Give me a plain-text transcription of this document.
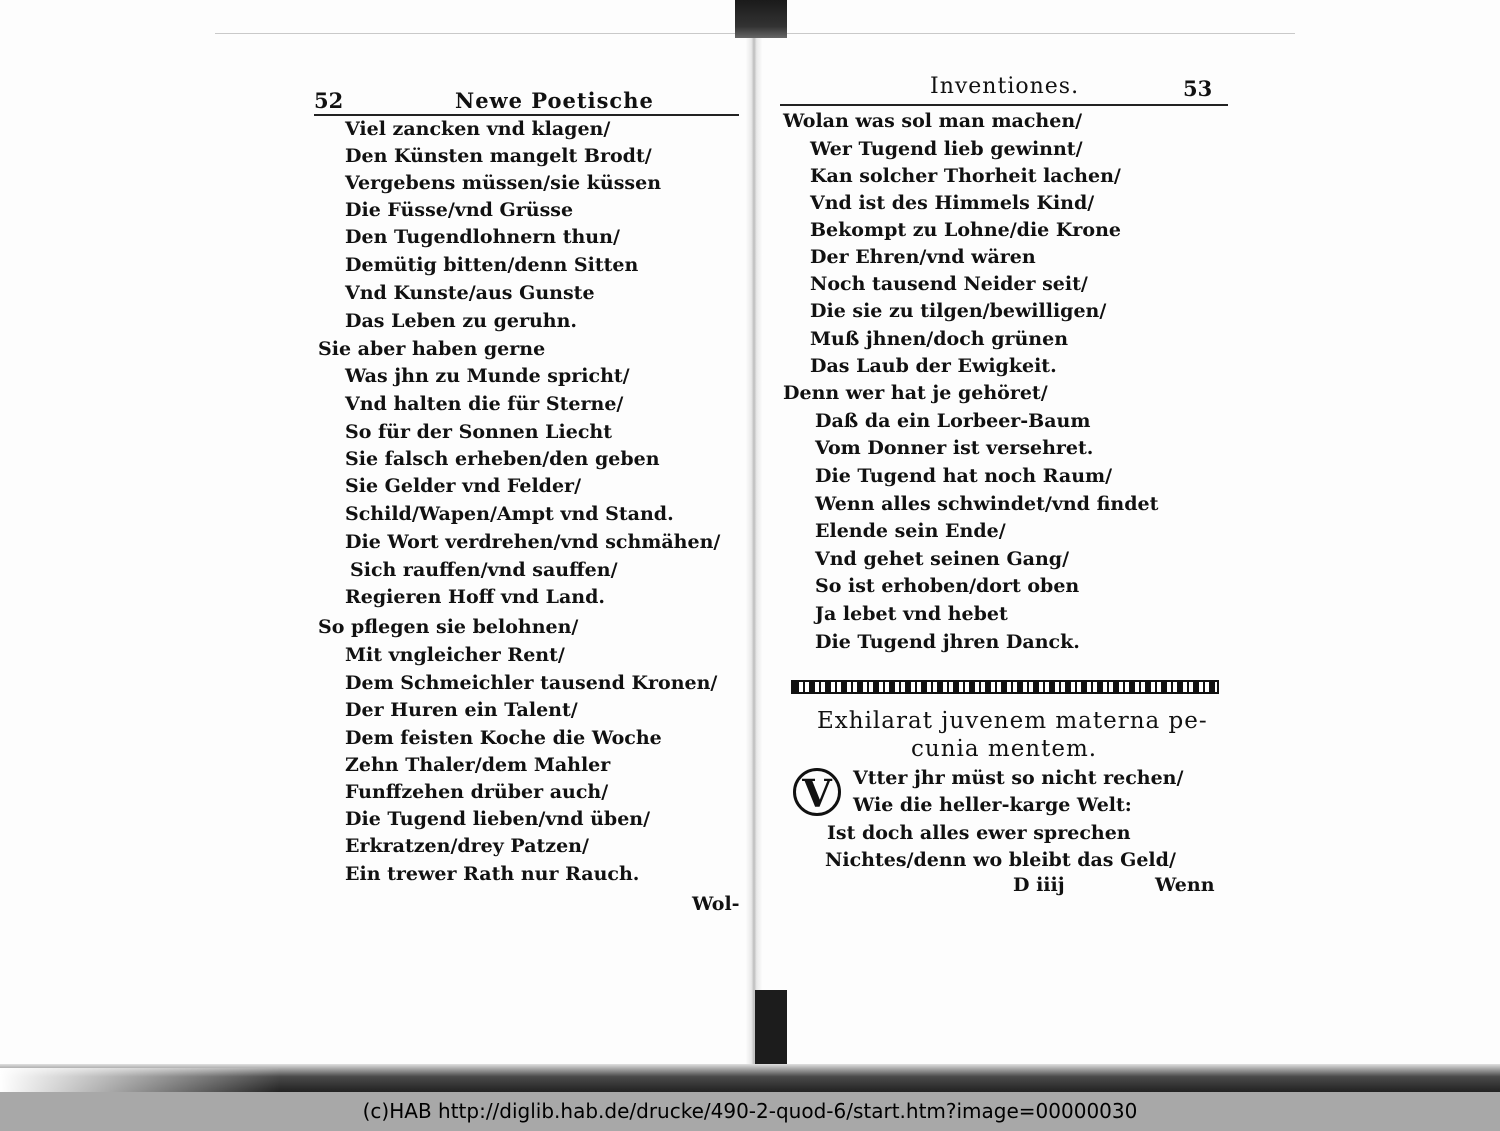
52	Newe Poetische
Viel zancken vnd klagen/
Den Künsten mangelt Brodt/
Vergebens müssen/sie küssen
Die Füsse/vnd Grüsse
Den Tugendlohnern thun/
Demütig bitten/denn Sitten
Vnd Kunste/aus Gunste
Das Leben zu geruhn.
Sie aber haben gerne
Was jhn zu Munde spricht/
Vnd halten die für Sterne/
So für der Sonnen Liecht
Sie falsch erheben/den geben
Sie Gelder vnd Felder/
Schild/Wapen/Ampt vnd Stand.
Die Wort verdrehen/vnd schmähen/
Sich rauffen/vnd sauffen/
Regieren Hoff vnd Land.
So pflegen sie belohnen/
Mit vngleicher Rent/
Dem Schmeichler tausend Kronen/
Der Huren ein Talent/
Dem feisten Koche die Woche
Zehn Thaler/dem Mahler
Funffzehen drüber auch/
Die Tugend lieben/vnd üben/
Erkratzen/drey Patzen/
Ein trewer Rath nur Rauch.
Wol-
Inventiones.	53
Wolan was sol man machen/
Wer Tugend lieb gewinnt/
Kan solcher Thorheit lachen/
Vnd ist des Himmels Kind/
Bekompt zu Lohne/die Krone
Der Ehren/vnd wären
Noch tausend Neider seit/
Die sie zu tilgen/bewilligen/
Muß jhnen/doch grünen
Das Laub der Ewigkeit.
Denn wer hat je gehöret/
Daß da ein Lorbeer-Baum
Vom Donner ist versehret.
Die Tugend hat noch Raum/
Wenn alles schwindet/vnd findet
Elende sein Ende/
Vnd gehet seinen Gang/
So ist erhoben/dort oben
Ja lebet vnd hebet
Die Tugend jhren Danck.
Exhilarat juvenem materna pe-
cunia mentem.
V	Vtter jhr müst so nicht rechen/
Wie die heller-karge Welt:
Ist doch alles ewer sprechen
Nichtes/denn wo bleibt das Geld/
D iiij	Wenn
(c)HAB http://diglib.hab.de/drucke/490-2-quod-6/start.htm?image=00000030
